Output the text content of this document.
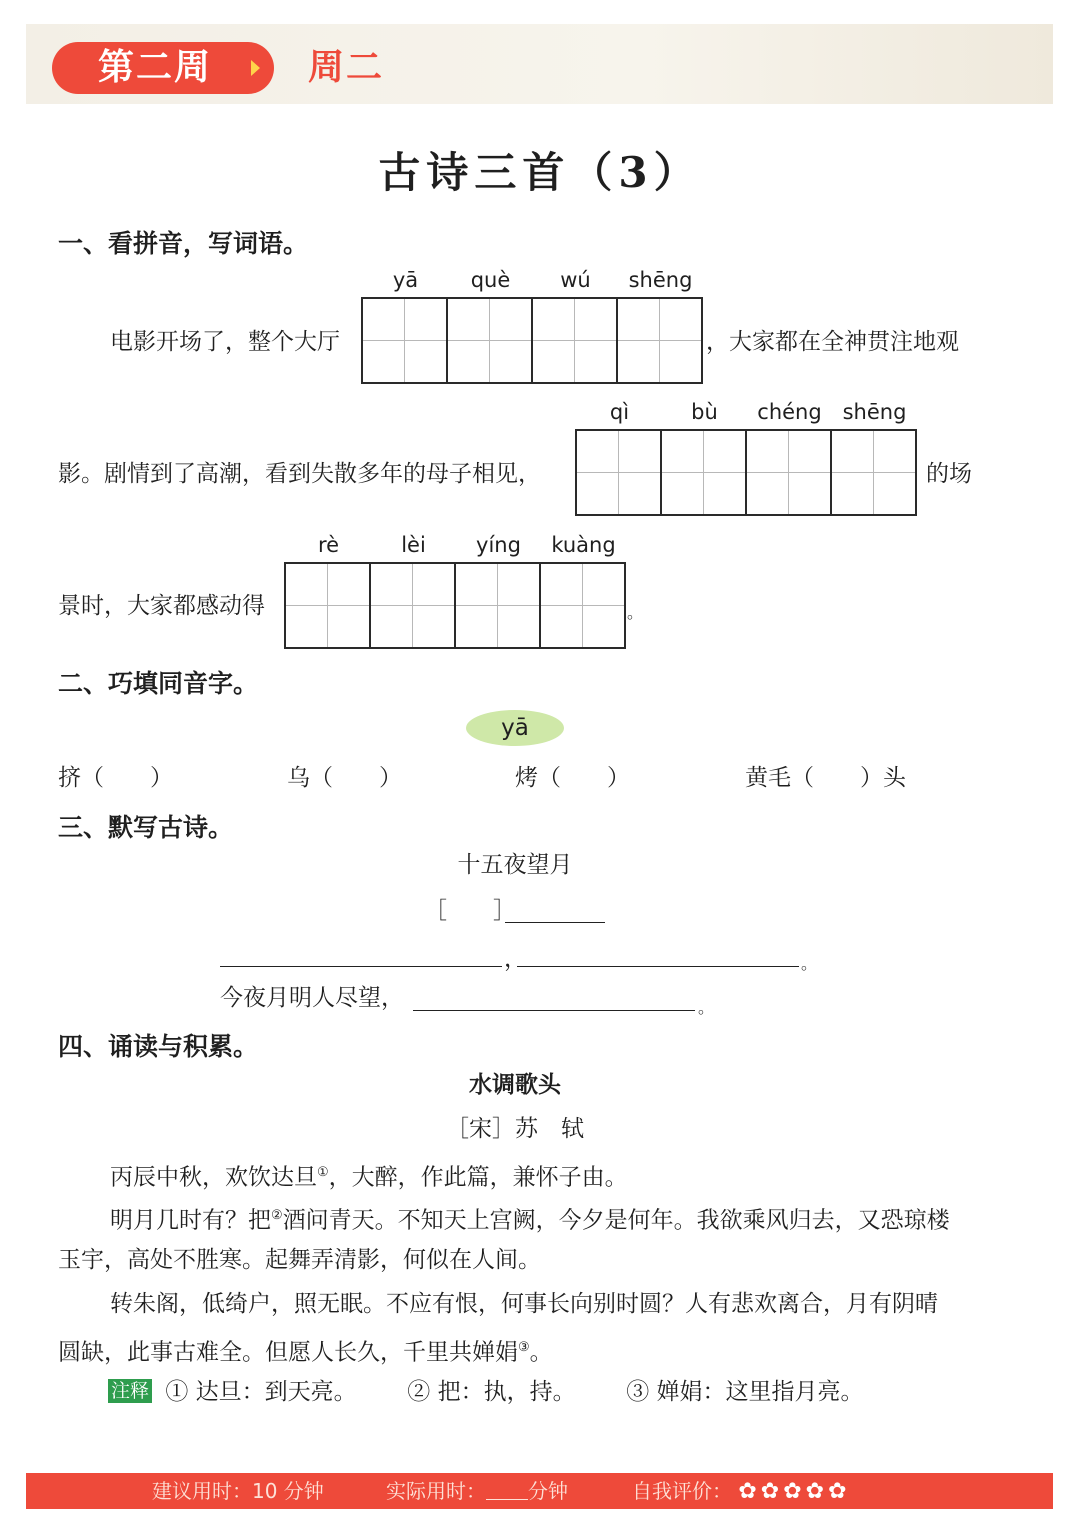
第二周	周二
古诗三首（3）
一、看拼音，写词语。
yā	què	wú	shēng
电影开场了，整个大厅	，大家都在全神贯注地观
qì	bù	chéng shēng
影。剧情到了高潮，看到失散多年的母子相见，	的场
rè	lèi	yíng	kuàng
景时，大家都感动得	。
二、巧填同音字。
yā
挤（　　）	乌（　　）	烤（　　）	黄毛（　　）头
三、默写古诗。
十五夜望月
［　　］
，	。
今夜月明人尽望，	。
四、诵读与积累。
水调歌头
［宋］苏　轼
丙辰中秋，欢饮达旦①，大醉，作此篇，兼怀子由。
明月几时有？把②酒问青天。不知天上宫阙，今夕是何年。我欲乘风归去，又恐琼楼
玉宇，高处不胜寒。起舞弄清影，何似在人间。
转朱阁，低绮户，照无眠。不应有恨，何事长向别时圆？人有悲欢离合，月有阴晴
圆缺，此事古难全。但愿人长久，千里共婵娟③。
注释 ① 达旦：到天亮。 ② 把：执，持。 ③ 婵娟：这里指月亮。
建议用时：10 分钟	实际用时： 分钟	自我评价： ✿ ✿ ✿ ✿ ✿
